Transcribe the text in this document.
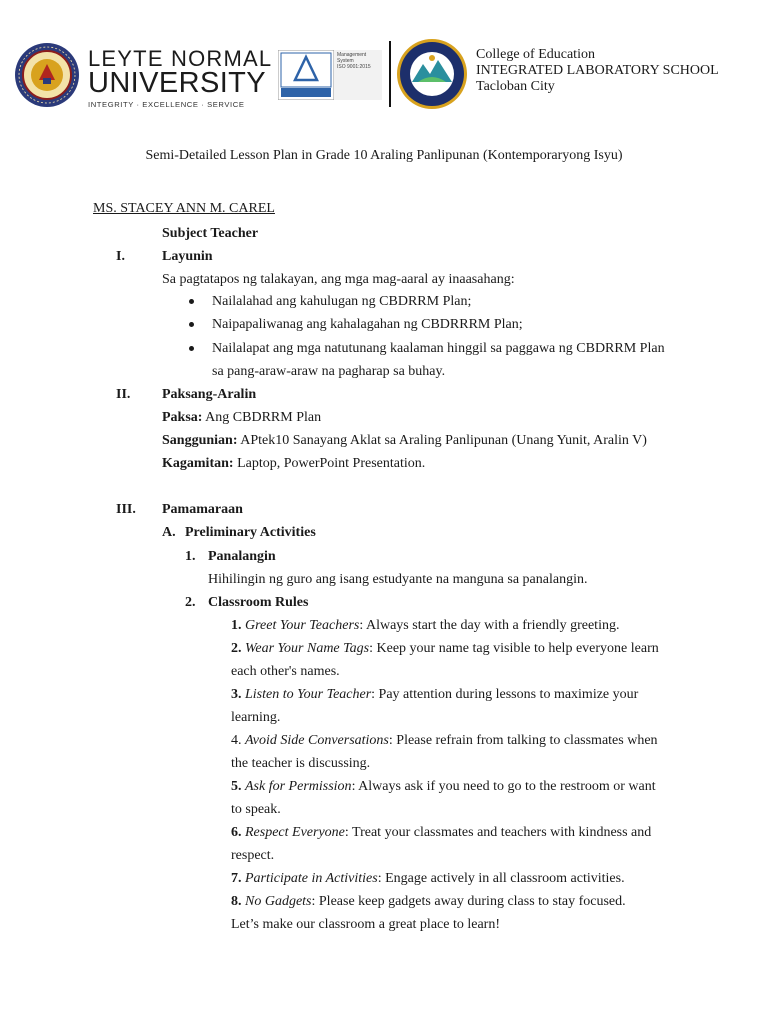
LEYTE NORMAL
UNIVERSITY
INTEGRITY · EXCELLENCE · SERVICE
Management
System
ISO 9001:2015
College of Education
INTEGRATED LABORATORY SCHOOL
Tacloban City
Semi-Detailed Lesson Plan in Grade 10 Araling Panlipunan (Kontemporaryong Isyu)
MS. STACEY ANN M. CAREL
Subject Teacher
I.	Layunin
Sa pagtatapos ng talakayan, ang mga mag-aaral ay inaasahang:
Nailalahad ang kahulugan ng CBDRRM Plan;
Naipapaliwanag ang kahalagahan ng CBDRRRM Plan;
Nailalapat ang mga natutunang kaalaman hinggil sa paggawa ng CBDRRM Plan
sa pang-araw-araw na pagharap sa buhay.
II. Paksang-Aralin
Paksa: Ang CBDRRM Plan
Sanggunian: APtek10 Sanayang Aklat sa Araling Panlipunan (Unang Yunit, Aralin V)
Kagamitan: Laptop, PowerPoint Presentation.
III. Pamamaraan
A. Preliminary Activities
1. Panalangin
Hihilingin ng guro ang isang estudyante na manguna sa panalangin.
2. Classroom Rules
1. Greet Your Teachers: Always start the day with a friendly greeting.
2. Wear Your Name Tags: Keep your name tag visible to help everyone learn
each other's names.
3. Listen to Your Teacher: Pay attention during lessons to maximize your
learning.
4. Avoid Side Conversations: Please refrain from talking to classmates when
the teacher is discussing.
5. Ask for Permission: Always ask if you need to go to the restroom or want
to speak.
6. Respect Everyone: Treat your classmates and teachers with kindness and
respect.
7. Participate in Activities: Engage actively in all classroom activities.
8. No Gadgets: Please keep gadgets away during class to stay focused.
Let’s make our classroom a great place to learn!
